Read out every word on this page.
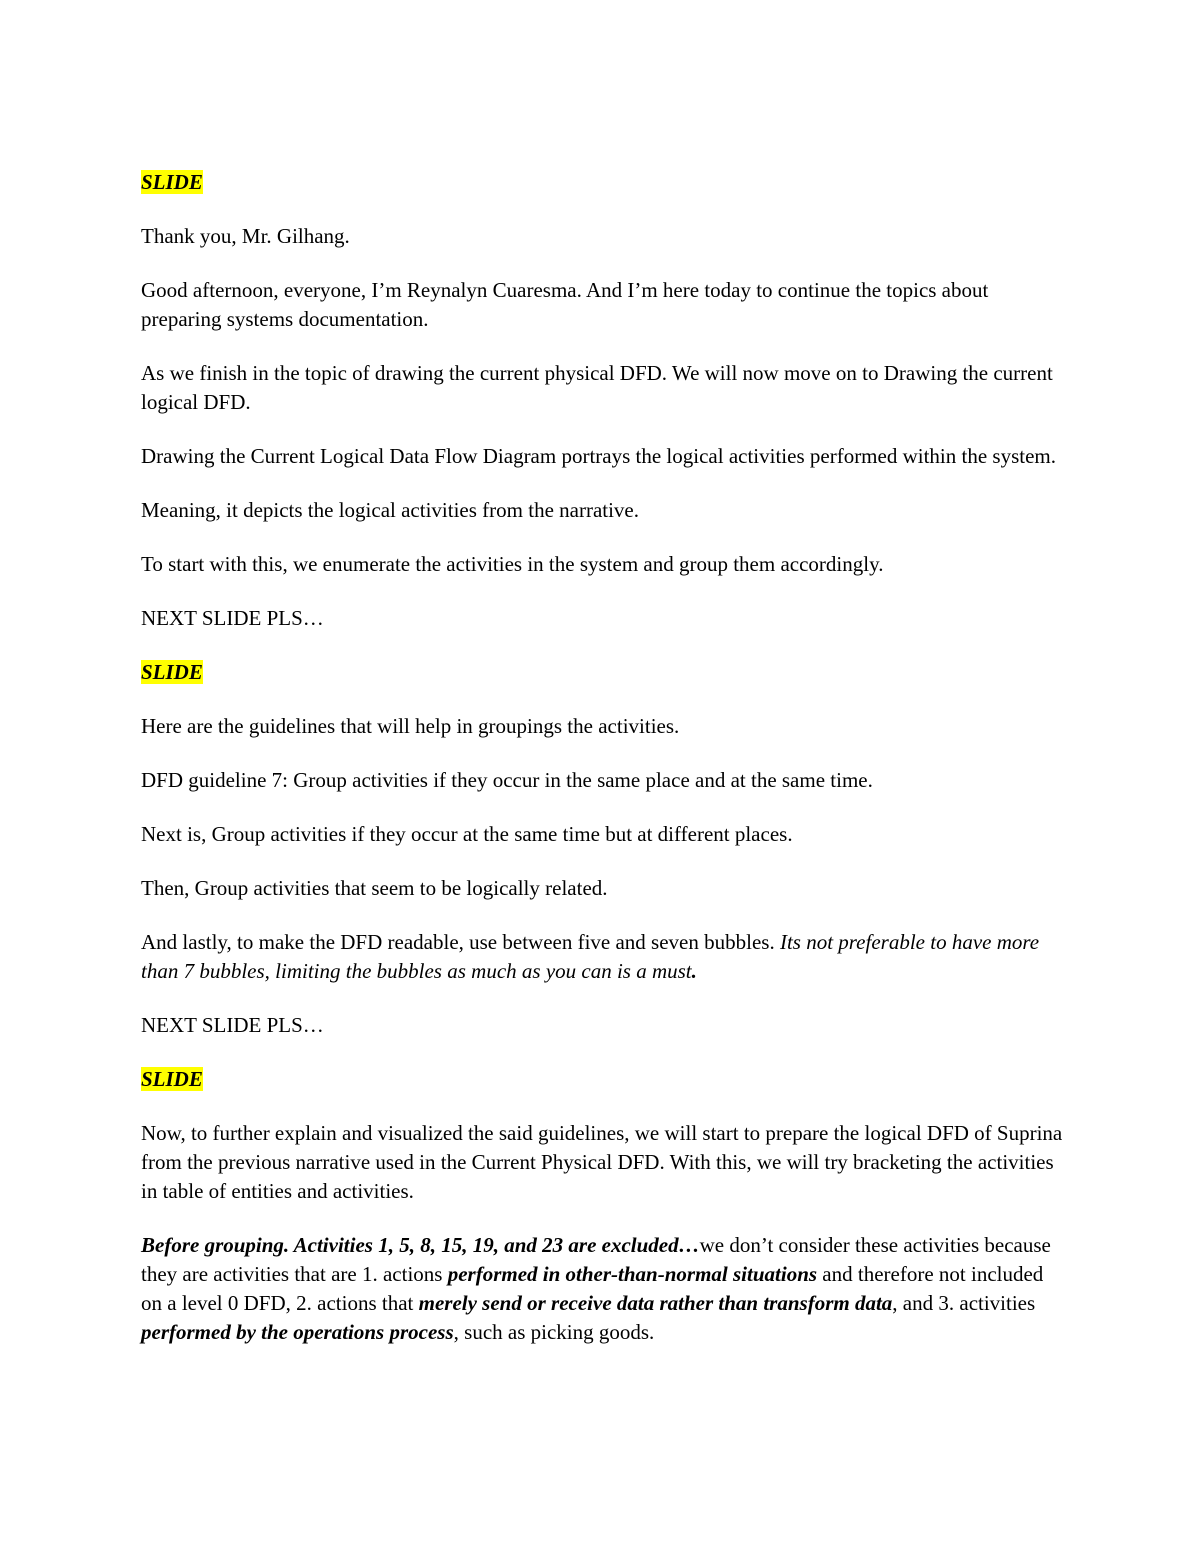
SLIDE

Thank you, Mr. Gilhang.

Good afternoon, everyone, I’m Reynalyn Cuaresma. And I’m here today to continue the topics about preparing systems documentation.

As we finish in the topic of drawing the current physical DFD. We will now move on to Drawing the current logical DFD.

Drawing the Current Logical Data Flow Diagram portrays the logical activities performed within the system.

Meaning, it depicts the logical activities from the narrative.

To start with this, we enumerate the activities in the system and group them accordingly.

NEXT SLIDE PLS…

SLIDE

Here are the guidelines that will help in groupings the activities.

DFD guideline 7: Group activities if they occur in the same place and at the same time.

Next is, Group activities if they occur at the same time but at different places.

Then, Group activities that seem to be logically related.

And lastly, to make the DFD readable, use between five and seven bubbles. Its not preferable to have more than 7 bubbles, limiting the bubbles as much as you can is a must.

NEXT SLIDE PLS…

SLIDE

Now, to further explain and visualized the said guidelines, we will start to prepare the logical DFD of Suprina from the previous narrative used in the Current Physical DFD. With this, we will try bracketing the activities in table of entities and activities.

Before grouping. Activities 1, 5, 8, 15, 19, and 23 are excluded…we don’t consider these activities because they are activities that are 1. actions performed in other-than-normal situations and therefore not included on a level 0 DFD, 2. actions that merely send or receive data rather than transform data, and 3. activities performed by the operations process, such as picking goods.
